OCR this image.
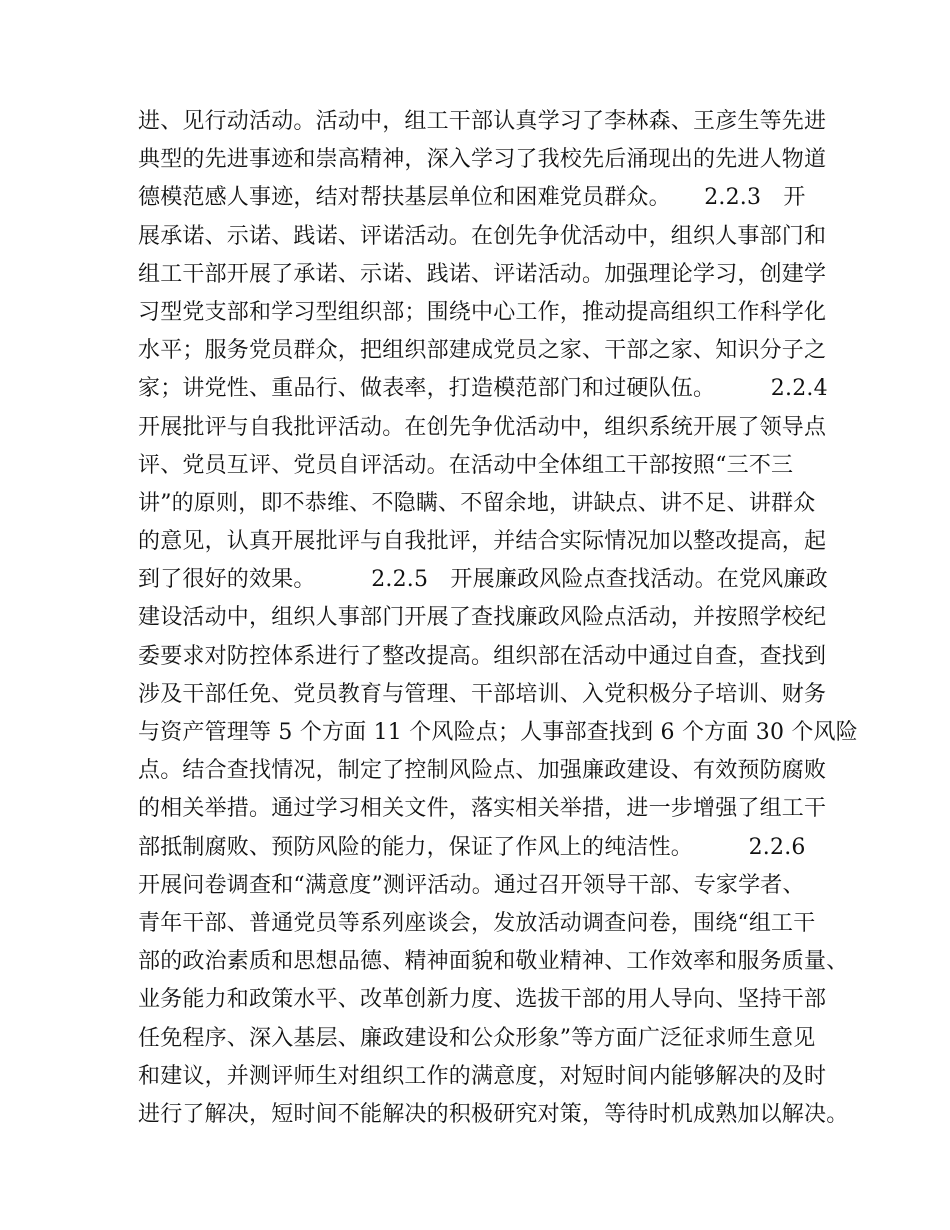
进、见行动活动。活动中，组工干部认真学习了李林森、王彦生等先进
典型的先进事迹和崇高精神，深入学习了我校先后涌现出的先进人物道
德模范感人事迹，结对帮扶基层单位和困难党员群众。　　2.2.3　开
展承诺、示诺、践诺、评诺活动。在创先争优活动中，组织人事部门和
组工干部开展了承诺、示诺、践诺、评诺活动。加强理论学习，创建学
习型党支部和学习型组织部；围绕中心工作，推动提高组织工作科学化
水平；服务党员群众，把组织部建成党员之家、干部之家、知识分子之
家；讲党性、重品行、做表率，打造模范部门和过硬队伍。　　　2.2.4
开展批评与自我批评活动。在创先争优活动中，组织系统开展了领导点
评、党员互评、党员自评活动。在活动中全体组工干部按照“三不三
讲”的原则，即不恭维、不隐瞒、不留余地，讲缺点、讲不足、讲群众
的意见，认真开展批评与自我批评，并结合实际情况加以整改提高，起
到了很好的效果。　　　2.2.5　开展廉政风险点查找活动。在党风廉政
建设活动中，组织人事部门开展了查找廉政风险点活动，并按照学校纪
委要求对防控体系进行了整改提高。组织部在活动中通过自查，查找到
涉及干部任免、党员教育与管理、干部培训、入党积极分子培训、财务
与资产管理等 5 个方面 11 个风险点；人事部查找到 6 个方面 30 个风险
点。结合查找情况，制定了控制风险点、加强廉政建设、有效预防腐败
的相关举措。通过学习相关文件，落实相关举措，进一步增强了组工干
部抵制腐败、预防风险的能力，保证了作风上的纯洁性。　　　2.2.6
开展问卷调查和“满意度”测评活动。通过召开领导干部、专家学者、
青年干部、普通党员等系列座谈会，发放活动调查问卷，围绕“组工干
部的政治素质和思想品德、精神面貌和敬业精神、工作效率和服务质量、
业务能力和政策水平、改革创新力度、选拔干部的用人导向、坚持干部
任免程序、深入基层、廉政建设和公众形象”等方面广泛征求师生意见
和建议，并测评师生对组织工作的满意度，对短时间内能够解决的及时
进行了解决，短时间不能解决的积极研究对策，等待时机成熟加以解决。
